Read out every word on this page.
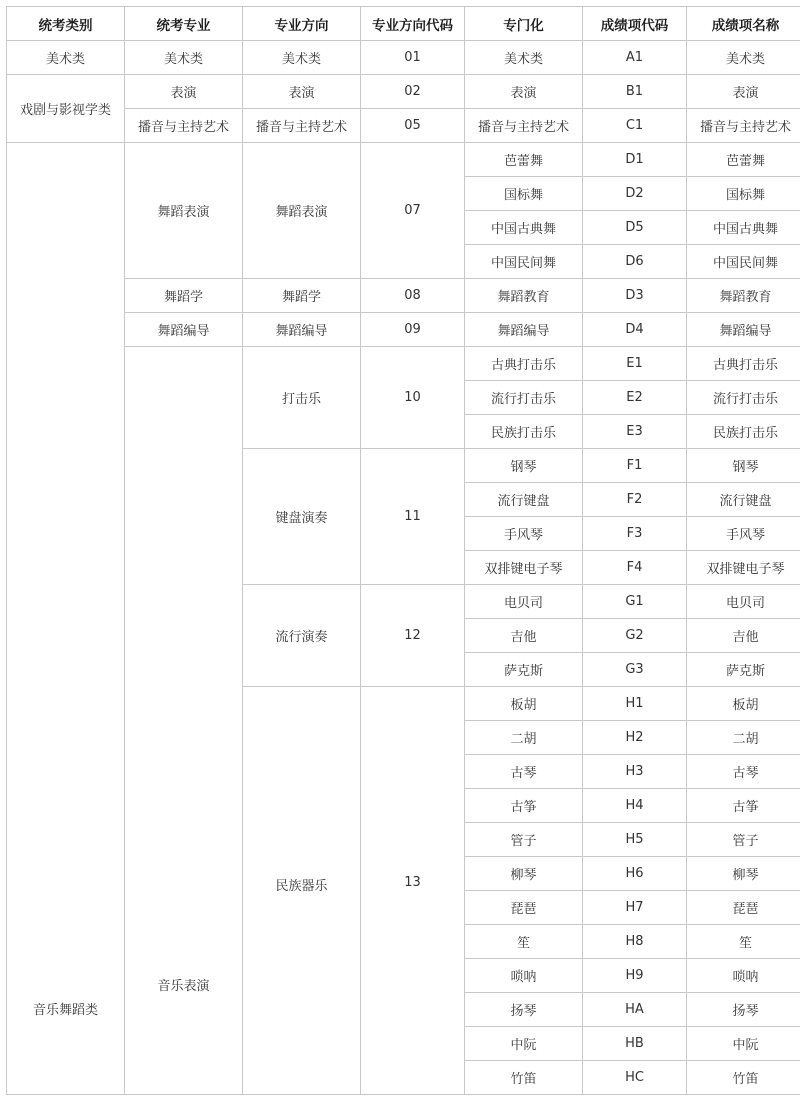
统考类别	统考专业	专业方向	专业方向代码	专门化	成绩项代码	成绩项名称
美术类	美术类	美术类	01	美术类	A1	美术类
戏剧与影视学类	表演	表演	02	表演	B1	表演
	播音与主持艺术	播音与主持艺术	05	播音与主持艺术	C1	播音与主持艺术
音乐舞蹈类	舞蹈表演	舞蹈表演	07	芭蕾舞	D1	芭蕾舞
				国标舞	D2	国标舞
				中国古典舞	D5	中国古典舞
				中国民间舞	D6	中国民间舞
	舞蹈学	舞蹈学	08	舞蹈教育	D3	舞蹈教育
	舞蹈编导	舞蹈编导	09	舞蹈编导	D4	舞蹈编导
	音乐表演	打击乐	10	古典打击乐	E1	古典打击乐
				流行打击乐	E2	流行打击乐
				民族打击乐	E3	民族打击乐
		键盘演奏	11	钢琴	F1	钢琴
				流行键盘	F2	流行键盘
				手风琴	F3	手风琴
				双排键电子琴	F4	双排键电子琴
		流行演奏	12	电贝司	G1	电贝司
				吉他	G2	吉他
				萨克斯	G3	萨克斯
		民族器乐	13	板胡	H1	板胡
				二胡	H2	二胡
				古琴	H3	古琴
				古筝	H4	古筝
				管子	H5	管子
				柳琴	H6	柳琴
				琵琶	H7	琵琶
				笙	H8	笙
				唢呐	H9	唢呐
				扬琴	HA	扬琴
				中阮	HB	中阮
				竹笛	HC	竹笛
